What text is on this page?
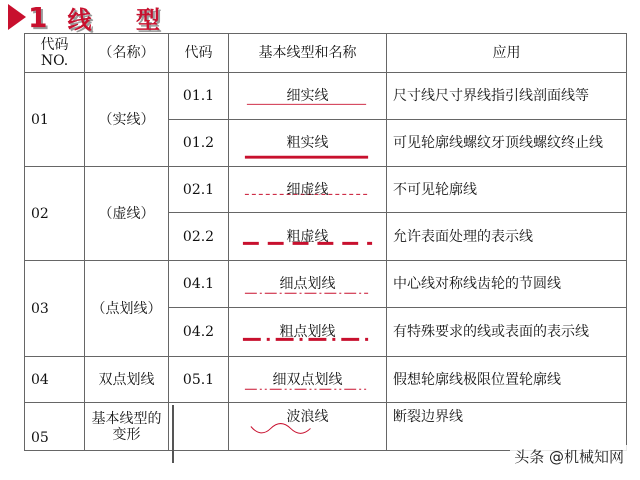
1 线 型
代码NO.	（名称）	代码	基本线型和名称	应用
01	（实线）	01.1	细实线	尺寸线尺寸界线指引线剖面线等
		01.2	粗实线	可见轮廓线螺纹牙顶线螺纹终止线
02	（虚线）	02.1	细虚线	不可见轮廓线
		02.2	粗虚线	允许表面处理的表示线
03	（点划线）	04.1	细点划线	中心线对称线齿轮的节圆线
		04.2	粗点划线	有特殊要求的线或表面的表示线
04	双点划线	05.1	细双点划线	假想轮廓线极限位置轮廓线
05	基本线型的变形		波浪线	断裂边界线
头条 @机械知网
